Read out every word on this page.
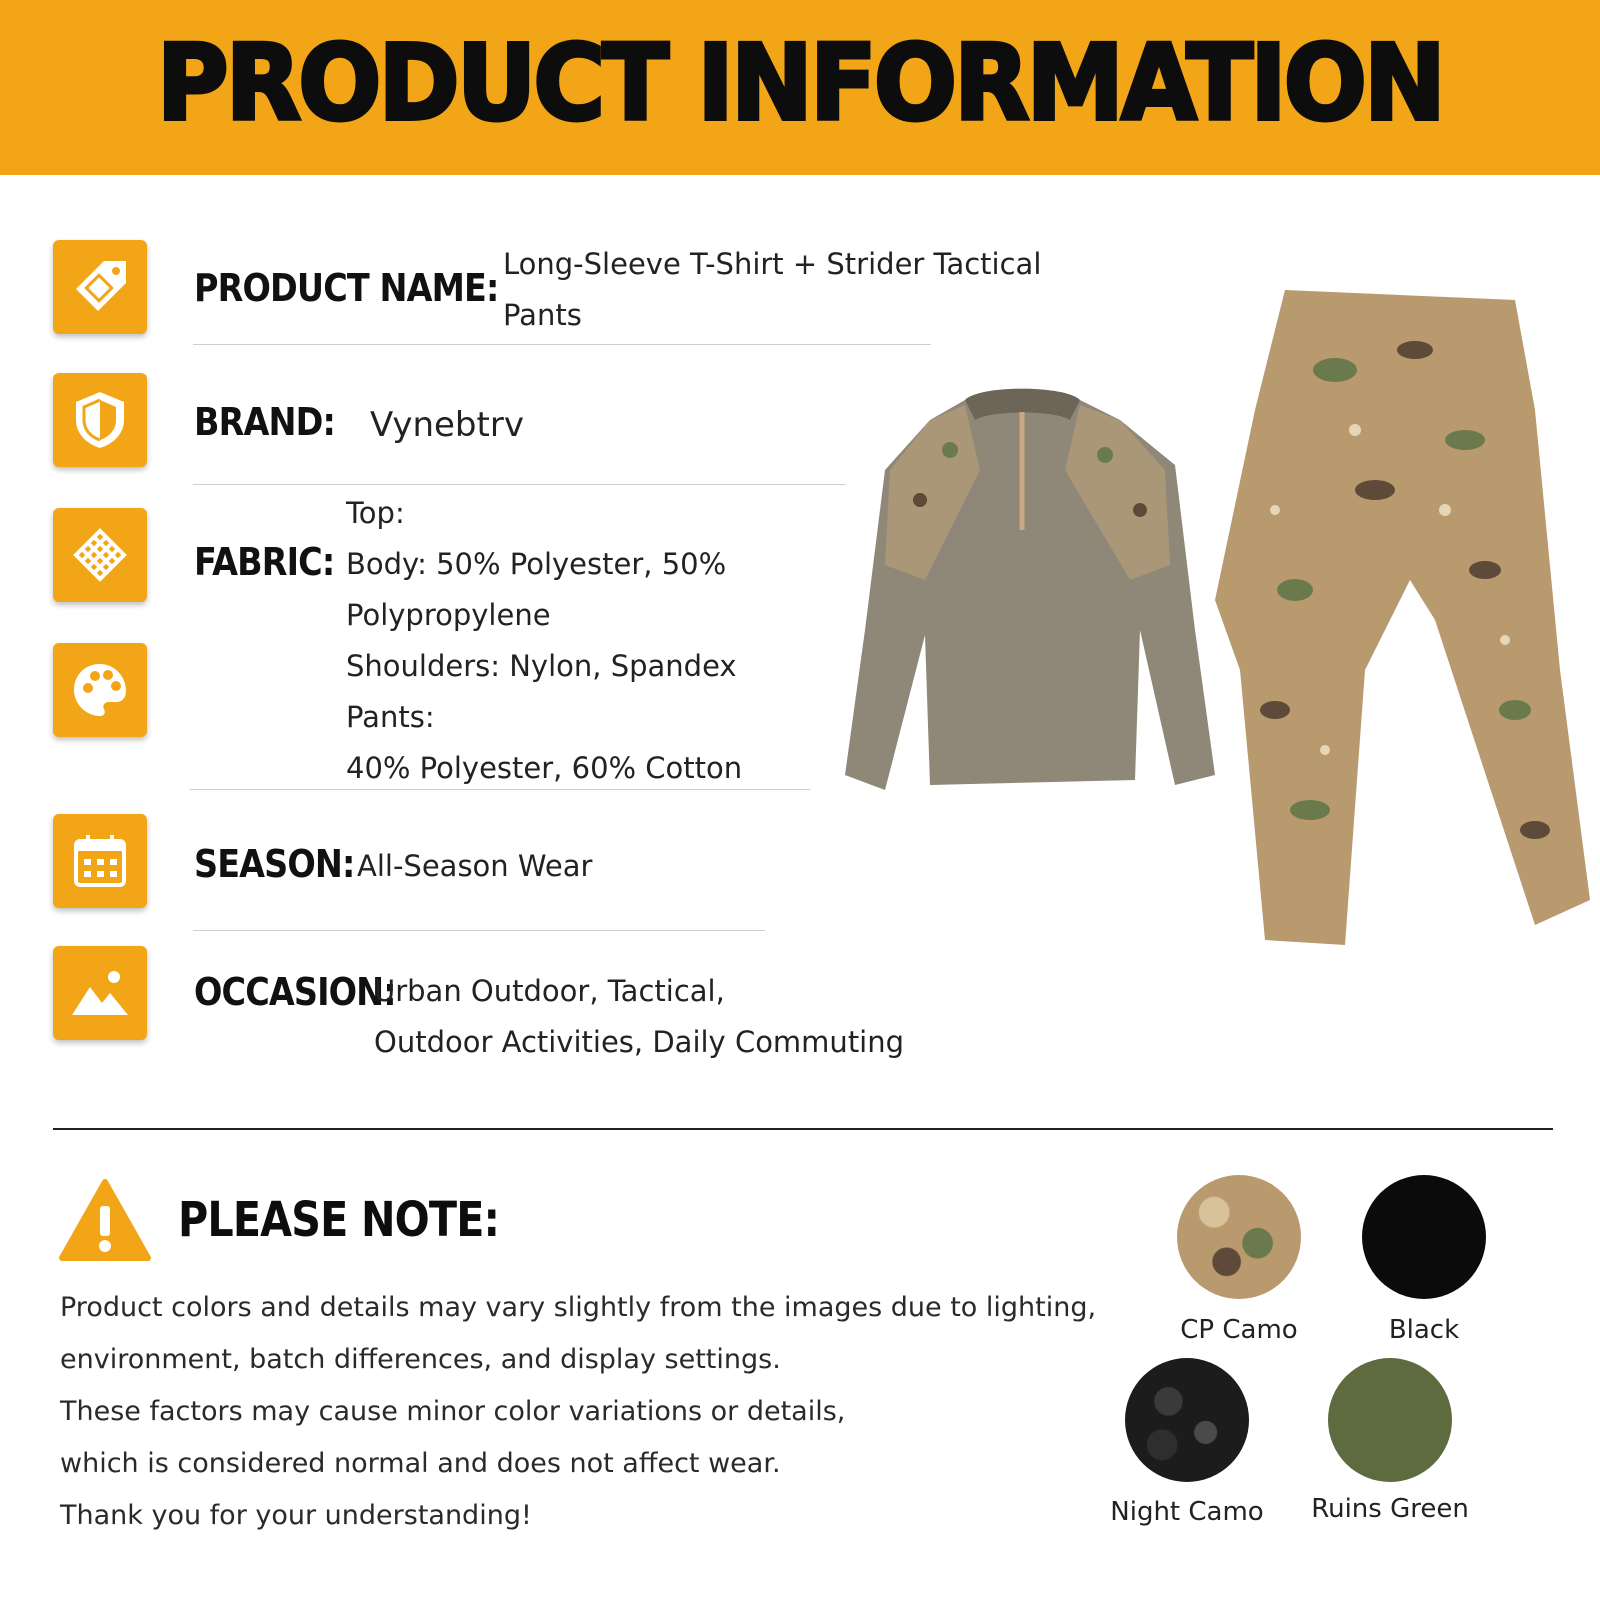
PRODUCT INFORMATION
PRODUCT NAME:
Long-Sleeve T-Shirt + Strider Tactical
Pants
BRAND: Vynebtrv
FABRIC:
Top:
Body: 50% Polyester, 50%
Polypropylene
Shoulders: Nylon, Spandex
Pants:
40% Polyester, 60% Cotton
SEASON: All-Season Wear
OCCASION:
Urban Outdoor, Tactical,
Outdoor Activities, Daily Commuting
PLEASE NOTE:
Product colors and details may vary slightly from the images due to lighting,
environment, batch differences, and display settings.
These factors may cause minor color variations or details,
which is considered normal and does not affect wear.
Thank you for your understanding!
CP Camo	Black
Night Camo	Ruins Green
